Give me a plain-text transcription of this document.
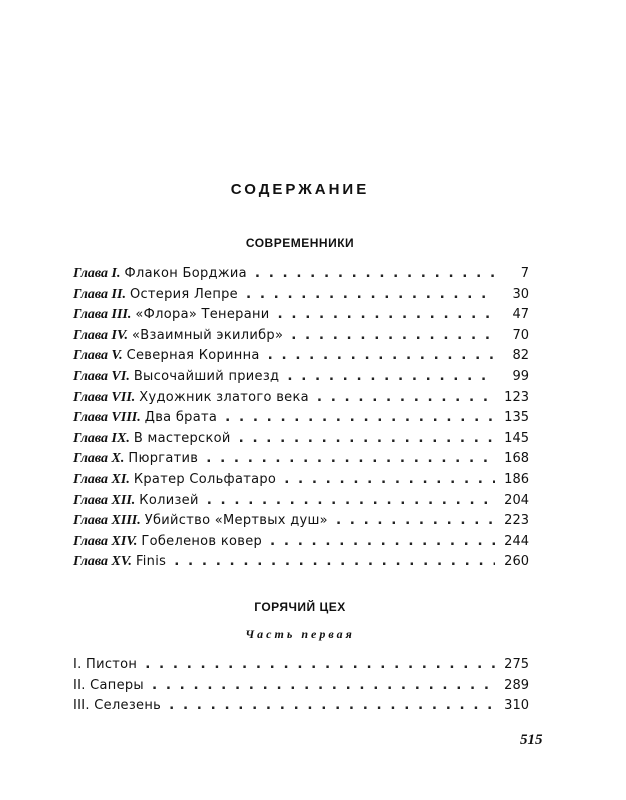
СОДЕРЖАНИЕ
СОВРЕМЕННИКИ
Глава I. Флакон Борджиа . . .	7
Глава II. Остерия Лепре . . .	30
Глава III. «Флора» Тенерани . . .	47
Глава IV. «Взаимный экилибр» . . .	70
Глава V. Северная Коринна . . .	82
Глава VI. Высочайший приезд . . .	99
Глава VII. Художник златого века . . .	123
Глава VIII. Два брата . . .	135
Глава IX. В мастерской . . .	145
Глава X. Пюргатив . . .	168
Глава XI. Кратер Сольфатаро . . .	186
Глава XII. Колизей . . .	204
Глава XIII. Убийство «Мертвых душ» . . .	223
Глава XIV. Гобеленов ковер . . .	244
Глава XV. Finis . . .	260
ГОРЯЧИЙ ЦЕХ
Часть первая
I. Пистон . . .	275
II. Саперы . . .	289
III. Селезень . . .	310
515
